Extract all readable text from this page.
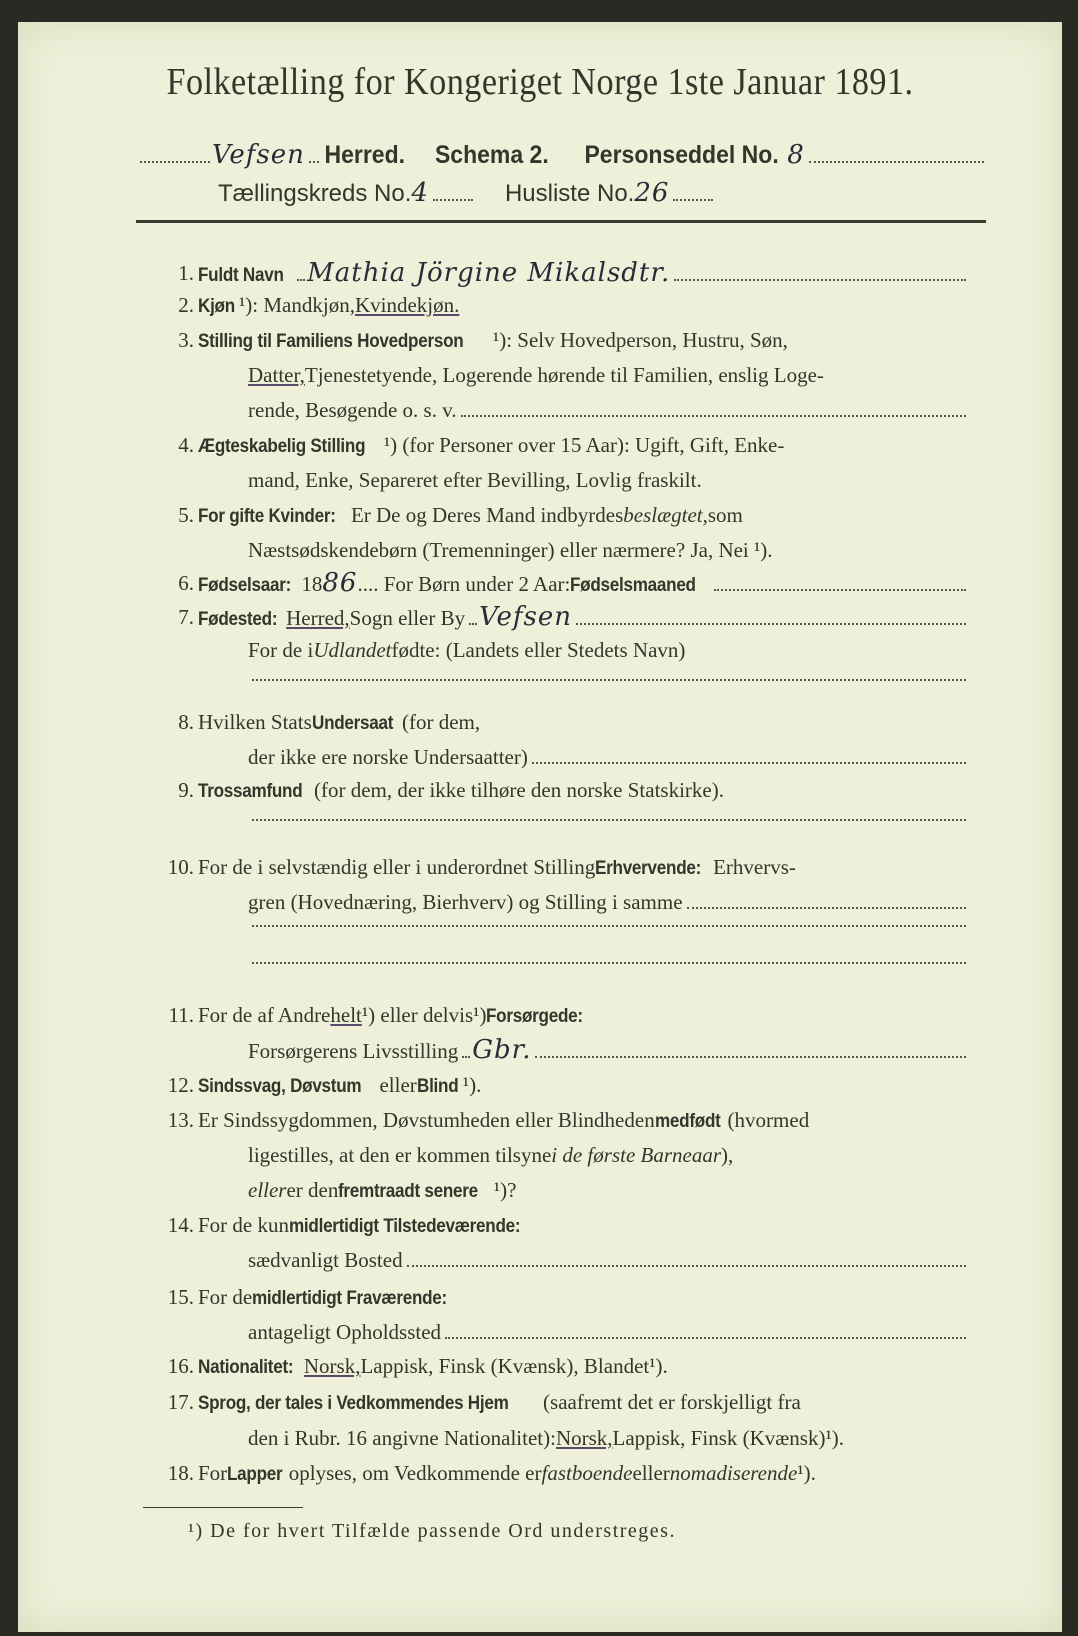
Folketælling for Kongeriget Norge 1ste Januar 1891.
Vefsen Herred. Schema 2. Personseddel No. 8
Tællingskreds No. 4	Husliste No. 26
1. Fuldt Navn Mathia Jörgine Mikalsdtr.
2. Kjøn ¹): Mandkjøn, Kvindekjøn.
3. Stilling til Familiens Hovedperson ¹): Selv Hovedperson, Hustru, Søn,
Datter, Tjenestetyende, Logerende hørende til Familien, enslig Loge-
rende, Besøgende o. s. v.
4. Ægteskabelig Stilling ¹) (for Personer over 15 Aar): Ugift, Gift, Enke-
mand, Enke, Separeret efter Bevilling, Lovlig fraskilt.
5. For gifte Kvinder: Er De og Deres Mand indbyrdes beslægtet, som
Næstsødskendebørn (Tremenninger) eller nærmere? Ja, Nei ¹).
6. Fødselsaar: 18 86 .... For Børn under 2 Aar: Fødselsmaaned
7. Fødested: Herred, Sogn eller By Vefsen
For de i Udlandet fødte: (Landets eller Stedets Navn)
8. Hvilken Stats Undersaat (for dem,
der ikke ere norske Undersaatter)
9. Trossamfund (for dem, der ikke tilhøre den norske Statskirke).
10. For de i selvstændig eller i underordnet Stilling Erhvervende: Erhvervs-
gren (Hovednæring, Bierhverv) og Stilling i samme
11. For de af Andre helt ¹) eller delvis¹) Forsørgede:
Forsørgerens Livsstilling Gbr.
12. Sindssvag, Døvstum eller Blind ¹).
13. Er Sindssygdommen, Døvstumheden eller Blindheden medfødt (hvormed
ligestilles, at den er kommen tilsyne i de første Barneaar ),
eller er den fremtraadt senere ¹)?
14. For de kun midlertidigt Tilstedeværende:
sædvanligt Bosted
15. For de midlertidigt Fraværende:
antageligt Opholdssted
16. Nationalitet: Norsk, Lappisk, Finsk (Kvænsk), Blandet¹).
17. Sprog, der tales i Vedkommendes Hjem (saafremt det er forskjelligt fra
den i Rubr. 16 angivne Nationalitet): Norsk, Lappisk, Finsk (Kvænsk)¹).
18. For Lapper oplyses, om Vedkommende er fastboende eller nomadiserende ¹).
¹) De for hvert Tilfælde passende Ord understreges.
